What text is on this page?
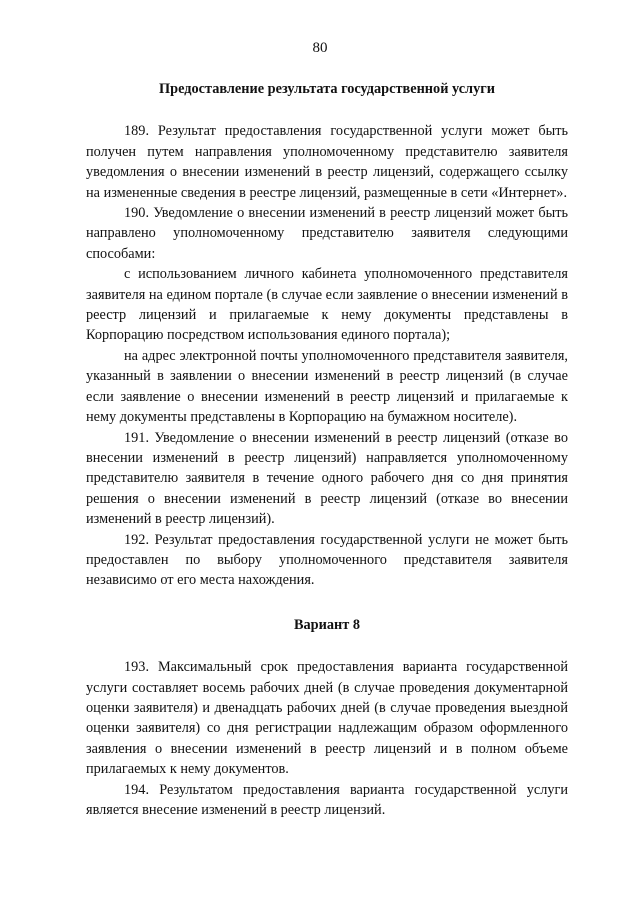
80
Предоставление результата государственной услуги

189. Результат предоставления государственной услуги может быть получен путем направления уполномоченному представителю заявителя уведомления о внесении изменений в реестр лицензий, содержащего ссылку на измененные сведения в реестре лицензий, размещенные в сети «Интернет».

190. Уведомление о внесении изменений в реестр лицензий может быть направлено уполномоченному представителю заявителя следующими способами:

с использованием личного кабинета уполномоченного представителя заявителя на едином портале (в случае если заявление о внесении изменений в реестр лицензий и прилагаемые к нему документы представлены в Корпорацию посредством использования единого портала);

на адрес электронной почты уполномоченного представителя заявителя, указанный в заявлении о внесении изменений в реестр лицензий (в случае если заявление о внесении изменений в реестр лицензий и прилагаемые к нему документы представлены в Корпорацию на бумажном носителе).

191. Уведомление о внесении изменений в реестр лицензий (отказе во внесении изменений в реестр лицензий) направляется уполномоченному представителю заявителя в течение одного рабочего дня со дня принятия решения о внесении изменений в реестр лицензий (отказе во внесении изменений в реестр лицензий).

192. Результат предоставления государственной услуги не может быть предоставлен по выбору уполномоченного представителя заявителя независимо от его места нахождения.

Вариант 8

193. Максимальный срок предоставления варианта государственной услуги составляет восемь рабочих дней (в случае проведения документарной оценки заявителя) и двенадцать рабочих дней (в случае проведения выездной оценки заявителя) со дня регистрации надлежащим образом оформленного заявления о внесении изменений в реестр лицензий и в полном объеме прилагаемых к нему документов.

194. Результатом предоставления варианта государственной услуги является внесение изменений в реестр лицензий.
